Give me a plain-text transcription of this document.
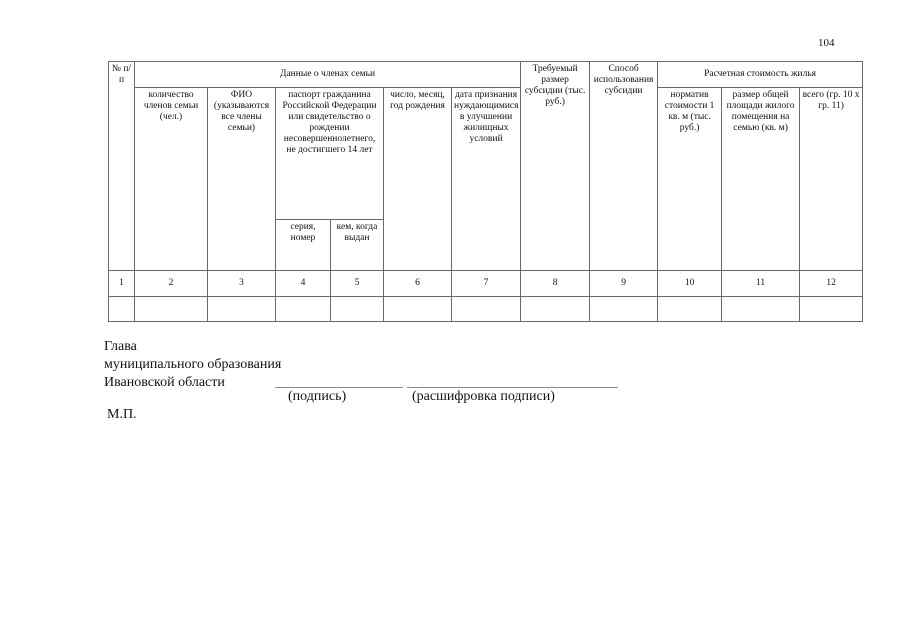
104
№ п/п	Данные о членах семьи						Требуемый размер субсидии (тыс. руб.)	Способ использования субсидии	Расчетная стоимость жилья		
	количество членов семьи (чел.)	ФИО (указываются все члены семьи)	паспорт гражданина Российской Федерации или свидетельство о рождении несовершеннолетнего, не достигшего 14 лет		число, месяц, год рождения	дата признания нуждающимися в улучшении жилищных условий			норматив стоимости 1 кв. м (тыс. руб.)	размер общей площади жилого помещения на семью (кв. м)	всего (гр. 10 х гр. 11)
			серия, номер	кем, когда выдан							
1	2	3	4	5	6	7	8	9	10	11	12

Глава
муниципального образования
Ивановской области
(подпись)	(расшифровка подписи)
М.П.
